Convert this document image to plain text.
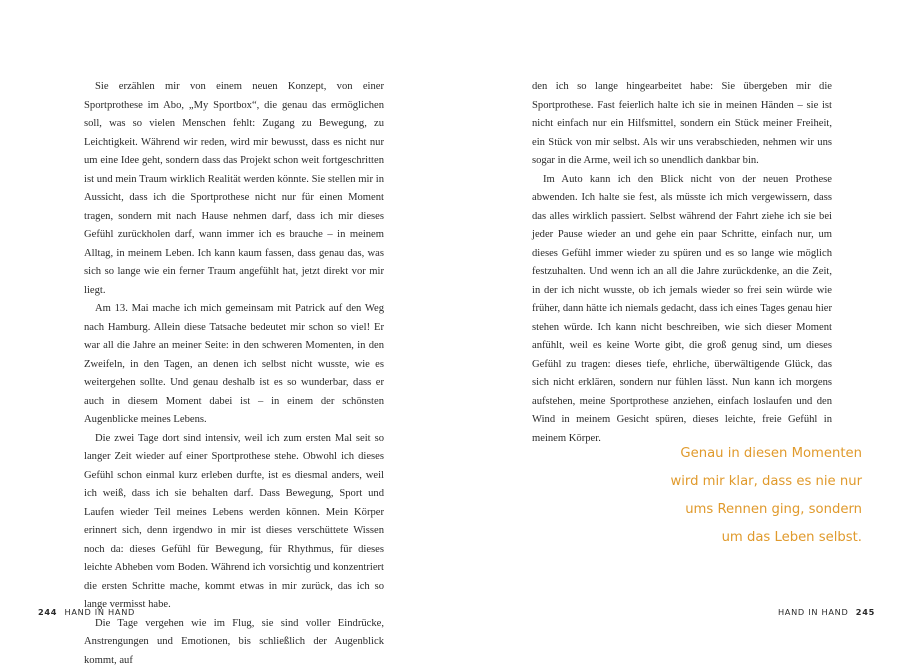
Sie erzählen mir von einem neuen Konzept, von einer Sportprothese im Abo, „My Sportbox“, die genau das ermöglichen soll, was so vielen Menschen fehlt: Zugang zu Bewegung, zu Leichtigkeit. Während wir reden, wird mir bewusst, dass es nicht nur um eine Idee geht, sondern dass das Projekt schon weit fortgeschritten ist und mein Traum wirklich Realität werden könnte. Sie stellen mir in Aussicht, dass ich die Sportprothese nicht nur für einen Moment tragen, sondern mit nach Hause nehmen darf, dass ich mir dieses Gefühl zurückholen darf, wann immer ich es brauche – in meinem Alltag, in meinem Leben. Ich kann kaum fassen, dass genau das, was sich so lange wie ein ferner Traum angefühlt hat, jetzt direkt vor mir liegt.

Am 13. Mai mache ich mich gemeinsam mit Patrick auf den Weg nach Hamburg. Allein diese Tatsache bedeutet mir schon so viel! Er war all die Jahre an meiner Seite: in den schweren Momenten, in den Zweifeln, in den Tagen, an denen ich selbst nicht wusste, wie es weitergehen sollte. Und genau deshalb ist es so wunderbar, dass er auch in diesem Moment dabei ist – in einem der schönsten Augenblicke meines Lebens.

Die zwei Tage dort sind intensiv, weil ich zum ersten Mal seit so langer Zeit wieder auf einer Sportprothese stehe. Obwohl ich dieses Gefühl schon einmal kurz erleben durfte, ist es diesmal anders, weil ich weiß, dass ich sie behalten darf. Dass Bewegung, Sport und Laufen wieder Teil meines Lebens werden können. Mein Körper erinnert sich, denn irgendwo in mir ist dieses verschüttete Wissen noch da: dieses Gefühl für Bewegung, für Rhythmus, für dieses leichte Abheben vom Boden. Während ich vorsichtig und konzentriert die ersten Schritte mache, kommt etwas in mir zurück, das ich so lange vermisst habe.

Die Tage vergehen wie im Flug, sie sind voller Eindrücke, Anstrengungen und Emotionen, bis schließlich der Augenblick kommt, auf

den ich so lange hingearbeitet habe: Sie übergeben mir die Sportprothese. Fast feierlich halte ich sie in meinen Händen – sie ist nicht einfach nur ein Hilfsmittel, sondern ein Stück meiner Freiheit, ein Stück von mir selbst. Als wir uns verabschieden, nehmen wir uns sogar in die Arme, weil ich so unendlich dankbar bin.

Im Auto kann ich den Blick nicht von der neuen Prothese abwenden. Ich halte sie fest, als müsste ich mich vergewissern, dass das alles wirklich passiert. Selbst während der Fahrt ziehe ich sie bei jeder Pause wieder an und gehe ein paar Schritte, einfach nur, um dieses Gefühl immer wieder zu spüren und es so lange wie möglich festzuhalten. Und wenn ich an all die Jahre zurückdenke, an die Zeit, in der ich nicht wusste, ob ich jemals wieder so frei sein würde wie früher, dann hätte ich niemals gedacht, dass ich eines Tages genau hier stehen würde. Ich kann nicht beschreiben, wie sich dieser Moment anfühlt, weil es keine Worte gibt, die groß genug sind, um dieses Gefühl zu tragen: dieses tiefe, ehrliche, überwältigende Glück, das sich nicht erklären, sondern nur fühlen lässt. Nun kann ich morgens aufstehen, meine Sportprothese anziehen, einfach loslaufen und den Wind in meinem Gesicht spüren, dieses leichte, freie Gefühl in meinem Körper.

Genau in diesen Momenten
wird mir klar, dass es nie nur
ums Rennen ging, sondern
um das Leben selbst.
244 HAND IN HAND	HAND IN HAND 245
